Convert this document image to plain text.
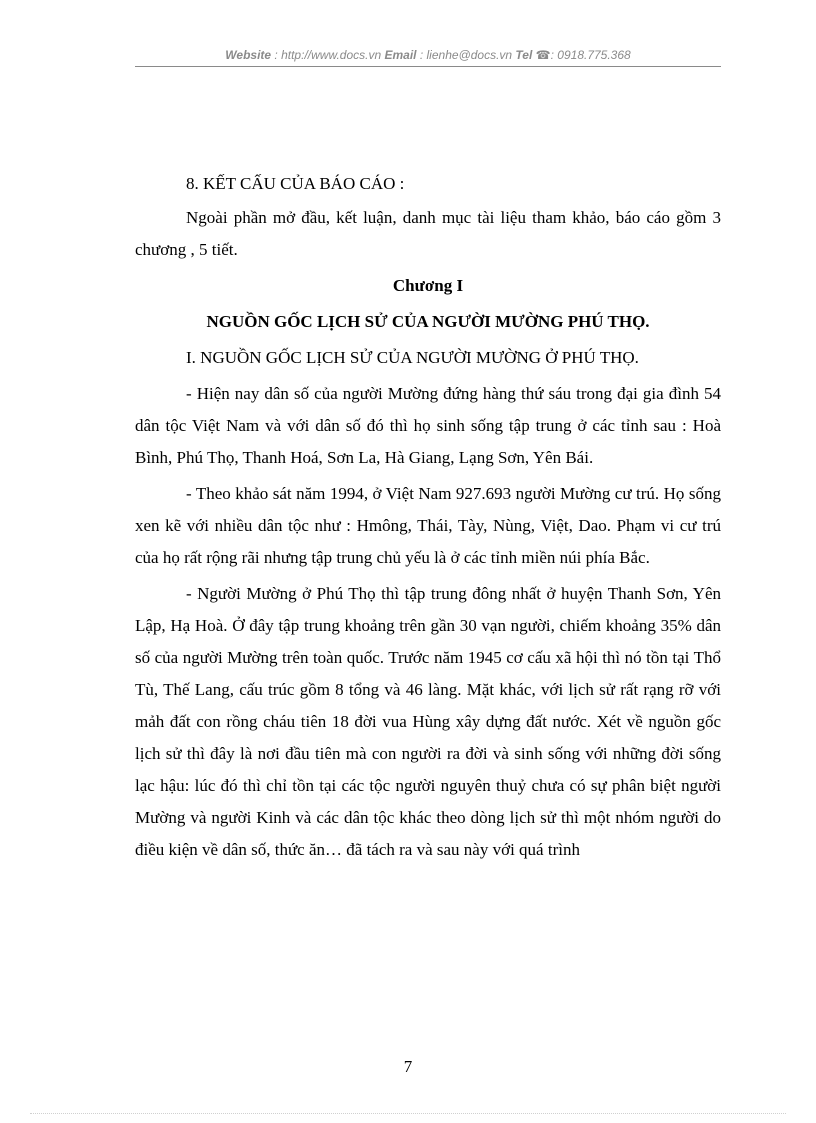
Website : http://www.docs.vn Email : lienhe@docs.vn Tel ☎: 0918.775.368

8. KẾT CẤU CỦA BÁO CÁO :

Ngoài phần mở đầu, kết luận, danh mục tài liệu tham khảo, báo cáo gồm 3 chương , 5 tiết.

Chương I

NGUỒN GỐC LỊCH SỬ CỦA NGƯỜI MƯỜNG PHÚ THỌ.

I. NGUỒN GỐC LỊCH SỬ CỦA NGƯỜI MƯỜNG Ở PHÚ THỌ.

- Hiện nay dân số của người Mường đứng hàng thứ sáu trong đại gia đình 54 dân tộc Việt Nam và với dân số đó thì họ sinh sống tập trung ở các tỉnh sau : Hoà Bình, Phú Thọ, Thanh Hoá, Sơn La, Hà Giang, Lạng Sơn, Yên Bái.

- Theo khảo sát năm 1994, ở Việt Nam 927.693 người Mường cư trú. Họ sống xen kẽ với nhiều dân tộc như : Hmông, Thái, Tày, Nùng, Việt, Dao. Phạm vi cư trú của họ rất rộng rãi nhưng tập trung chủ yếu là ở các tỉnh miền núi phía Bắc.

- Người Mường ở Phú Thọ thì tập trung đông nhất ở huyện Thanh Sơn, Yên Lập, Hạ Hoà. Ở đây tập trung khoảng trên gần 30 vạn người, chiếm khoảng 35% dân số của người Mường trên toàn quốc. Trước năm 1945 cơ cấu xã hội thì nó tồn tại Thổ Tù, Thế Lang, cấu trúc gồm 8 tổng và 46 làng. Mặt khác, với lịch sử rất rạng rỡ với mảh đất con rồng cháu tiên 18 đời vua Hùng xây dựng đất nước. Xét về nguồn gốc lịch sử thì đây là nơi đầu tiên mà con người ra đời và sinh sống với những đời sống lạc hậu: lúc đó thì chỉ tồn tại các tộc người nguyên thuỷ chưa có sự phân biệt người Mường và người Kinh và các dân tộc khác theo dòng lịch sử thì một nhóm người do điều kiện về dân số, thức ăn… đã tách ra và sau này với quá trình

7
